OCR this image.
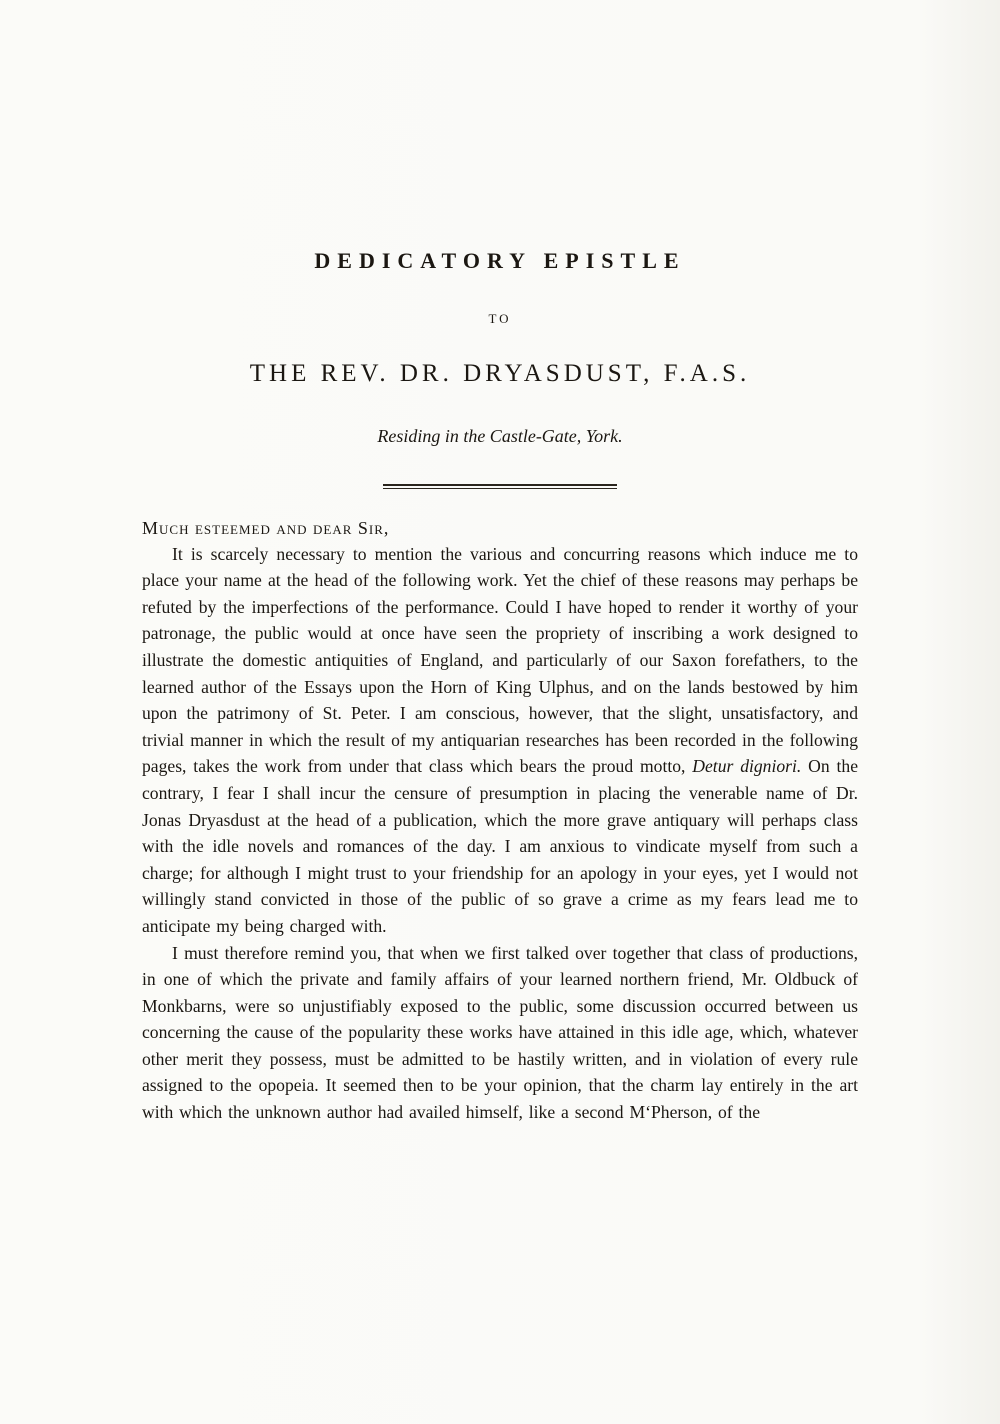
DEDICATORY EPISTLE
TO
THE REV. DR. DRYASDUST, F.A.S.
Residing in the Castle-Gate, York.
Much esteemed and dear Sir,

It is scarcely necessary to mention the various and concurring reasons which induce me to place your name at the head of the following work. Yet the chief of these reasons may perhaps be refuted by the imperfections of the performance. Could I have hoped to render it worthy of your patronage, the public would at once have seen the propriety of inscribing a work designed to illustrate the domestic antiquities of England, and particularly of our Saxon forefathers, to the learned author of the Essays upon the Horn of King Ulphus, and on the lands bestowed by him upon the patrimony of St. Peter. I am conscious, however, that the slight, unsatisfactory, and trivial manner in which the result of my antiquarian researches has been recorded in the following pages, takes the work from under that class which bears the proud motto, Detur digniori. On the contrary, I fear I shall incur the censure of presumption in placing the venerable name of Dr. Jonas Dryasdust at the head of a publication, which the more grave antiquary will perhaps class with the idle novels and romances of the day. I am anxious to vindicate myself from such a charge; for although I might trust to your friendship for an apology in your eyes, yet I would not willingly stand convicted in those of the public of so grave a crime as my fears lead me to anticipate my being charged with.

I must therefore remind you, that when we first talked over together that class of productions, in one of which the private and family affairs of your learned northern friend, Mr. Oldbuck of Monkbarns, were so unjustifiably exposed to the public, some discussion occurred between us concerning the cause of the popularity these works have attained in this idle age, which, whatever other merit they possess, must be admitted to be hastily written, and in violation of every rule assigned to the opopeia. It seemed then to be your opinion, that the charm lay entirely in the art with which the unknown author had availed himself, like a second M‘Pherson, of the
